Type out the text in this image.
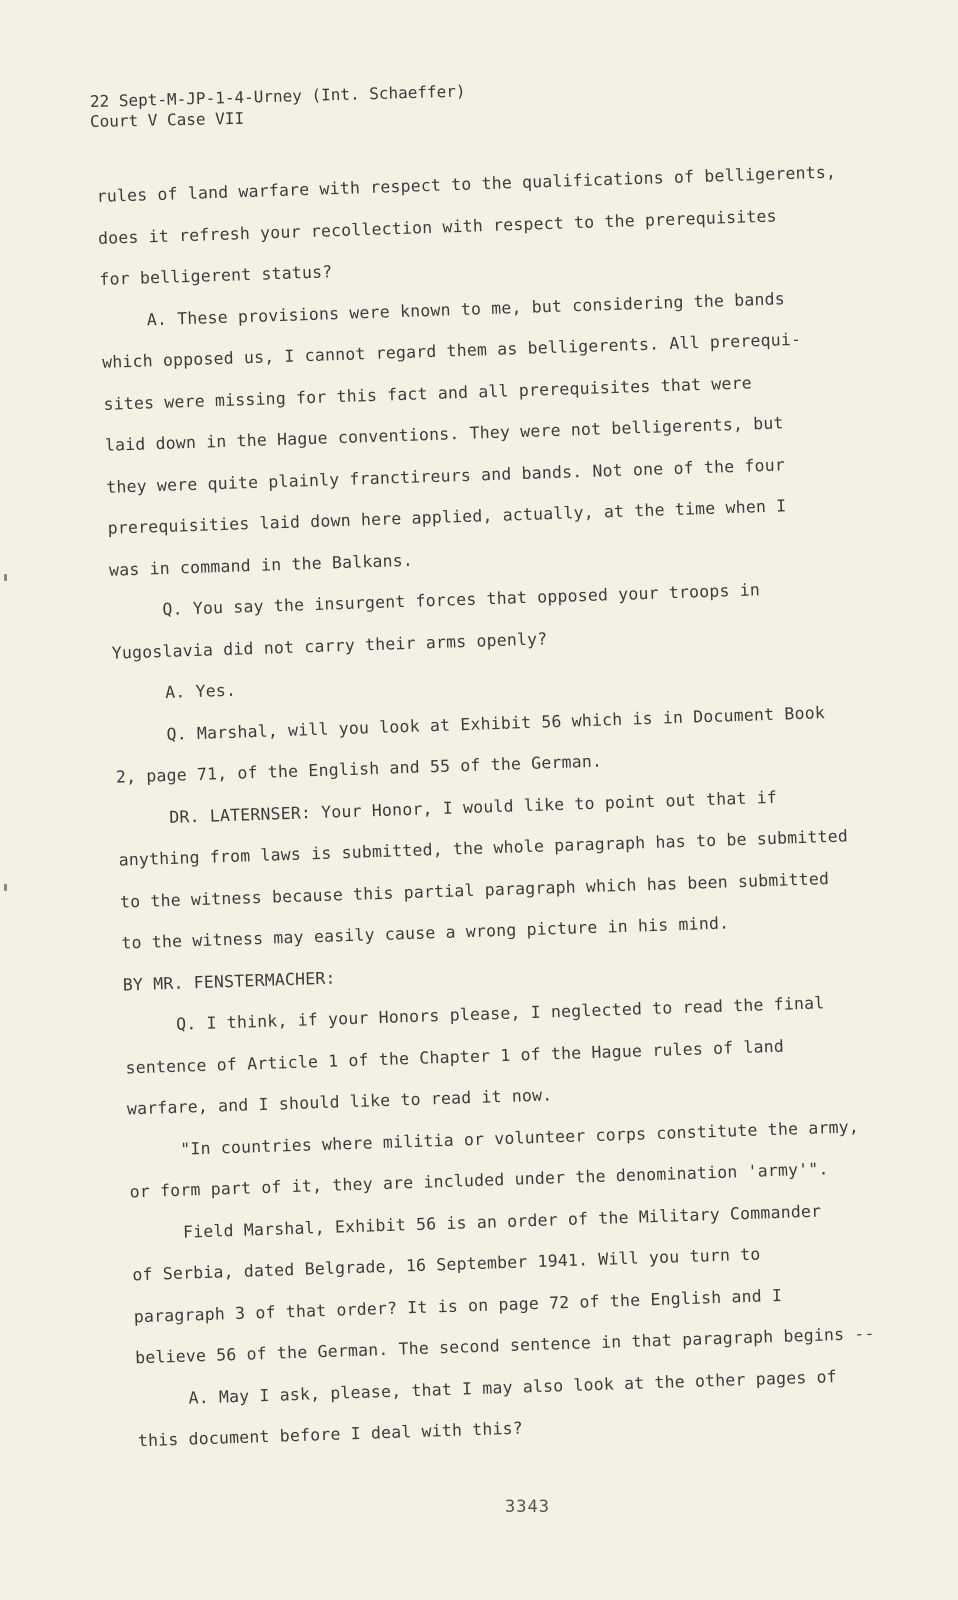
22 Sept-M-JP-1-4-Urney (Int. Schaeffer)
Court V Case VII
rules of land warfare with respect to the qualifications of belligerents,
does it refresh your recollection with respect to the prerequisites
for belligerent status?
A. These provisions were known to me, but considering the bands
which opposed us, I cannot regard them as belligerents. All prerequi-
sites were missing for this fact and all prerequisites that were
laid down in the Hague conventions. They were not belligerents, but
they were quite plainly franctireurs and bands. Not one of the four
prerequisities laid down here applied, actually, at the time when I
was in command in the Balkans.
Q. You say the insurgent forces that opposed your troops in
Yugoslavia did not carry their arms openly?
A. Yes.
Q. Marshal, will you look at Exhibit 56 which is in Document Book
2, page 71, of the English and 55 of the German.
DR. LATERNSER: Your Honor, I would like to point out that if
anything from laws is submitted, the whole paragraph has to be submitted
to the witness because this partial paragraph which has been submitted
to the witness may easily cause a wrong picture in his mind.
BY MR. FENSTERMACHER:
Q. I think, if your Honors please, I neglected to read the final
sentence of Article 1 of the Chapter 1 of the Hague rules of land
warfare, and I should like to read it now.
"In countries where militia or volunteer corps constitute the army,
or form part of it, they are included under the denomination 'army'".
Field Marshal, Exhibit 56 is an order of the Military Commander
of Serbia, dated Belgrade, 16 September 1941. Will you turn to
paragraph 3 of that order? It is on page 72 of the English and I
believe 56 of the German. The second sentence in that paragraph begins --
A. May I ask, please, that I may also look at the other pages of
this document before I deal with this?
3343
